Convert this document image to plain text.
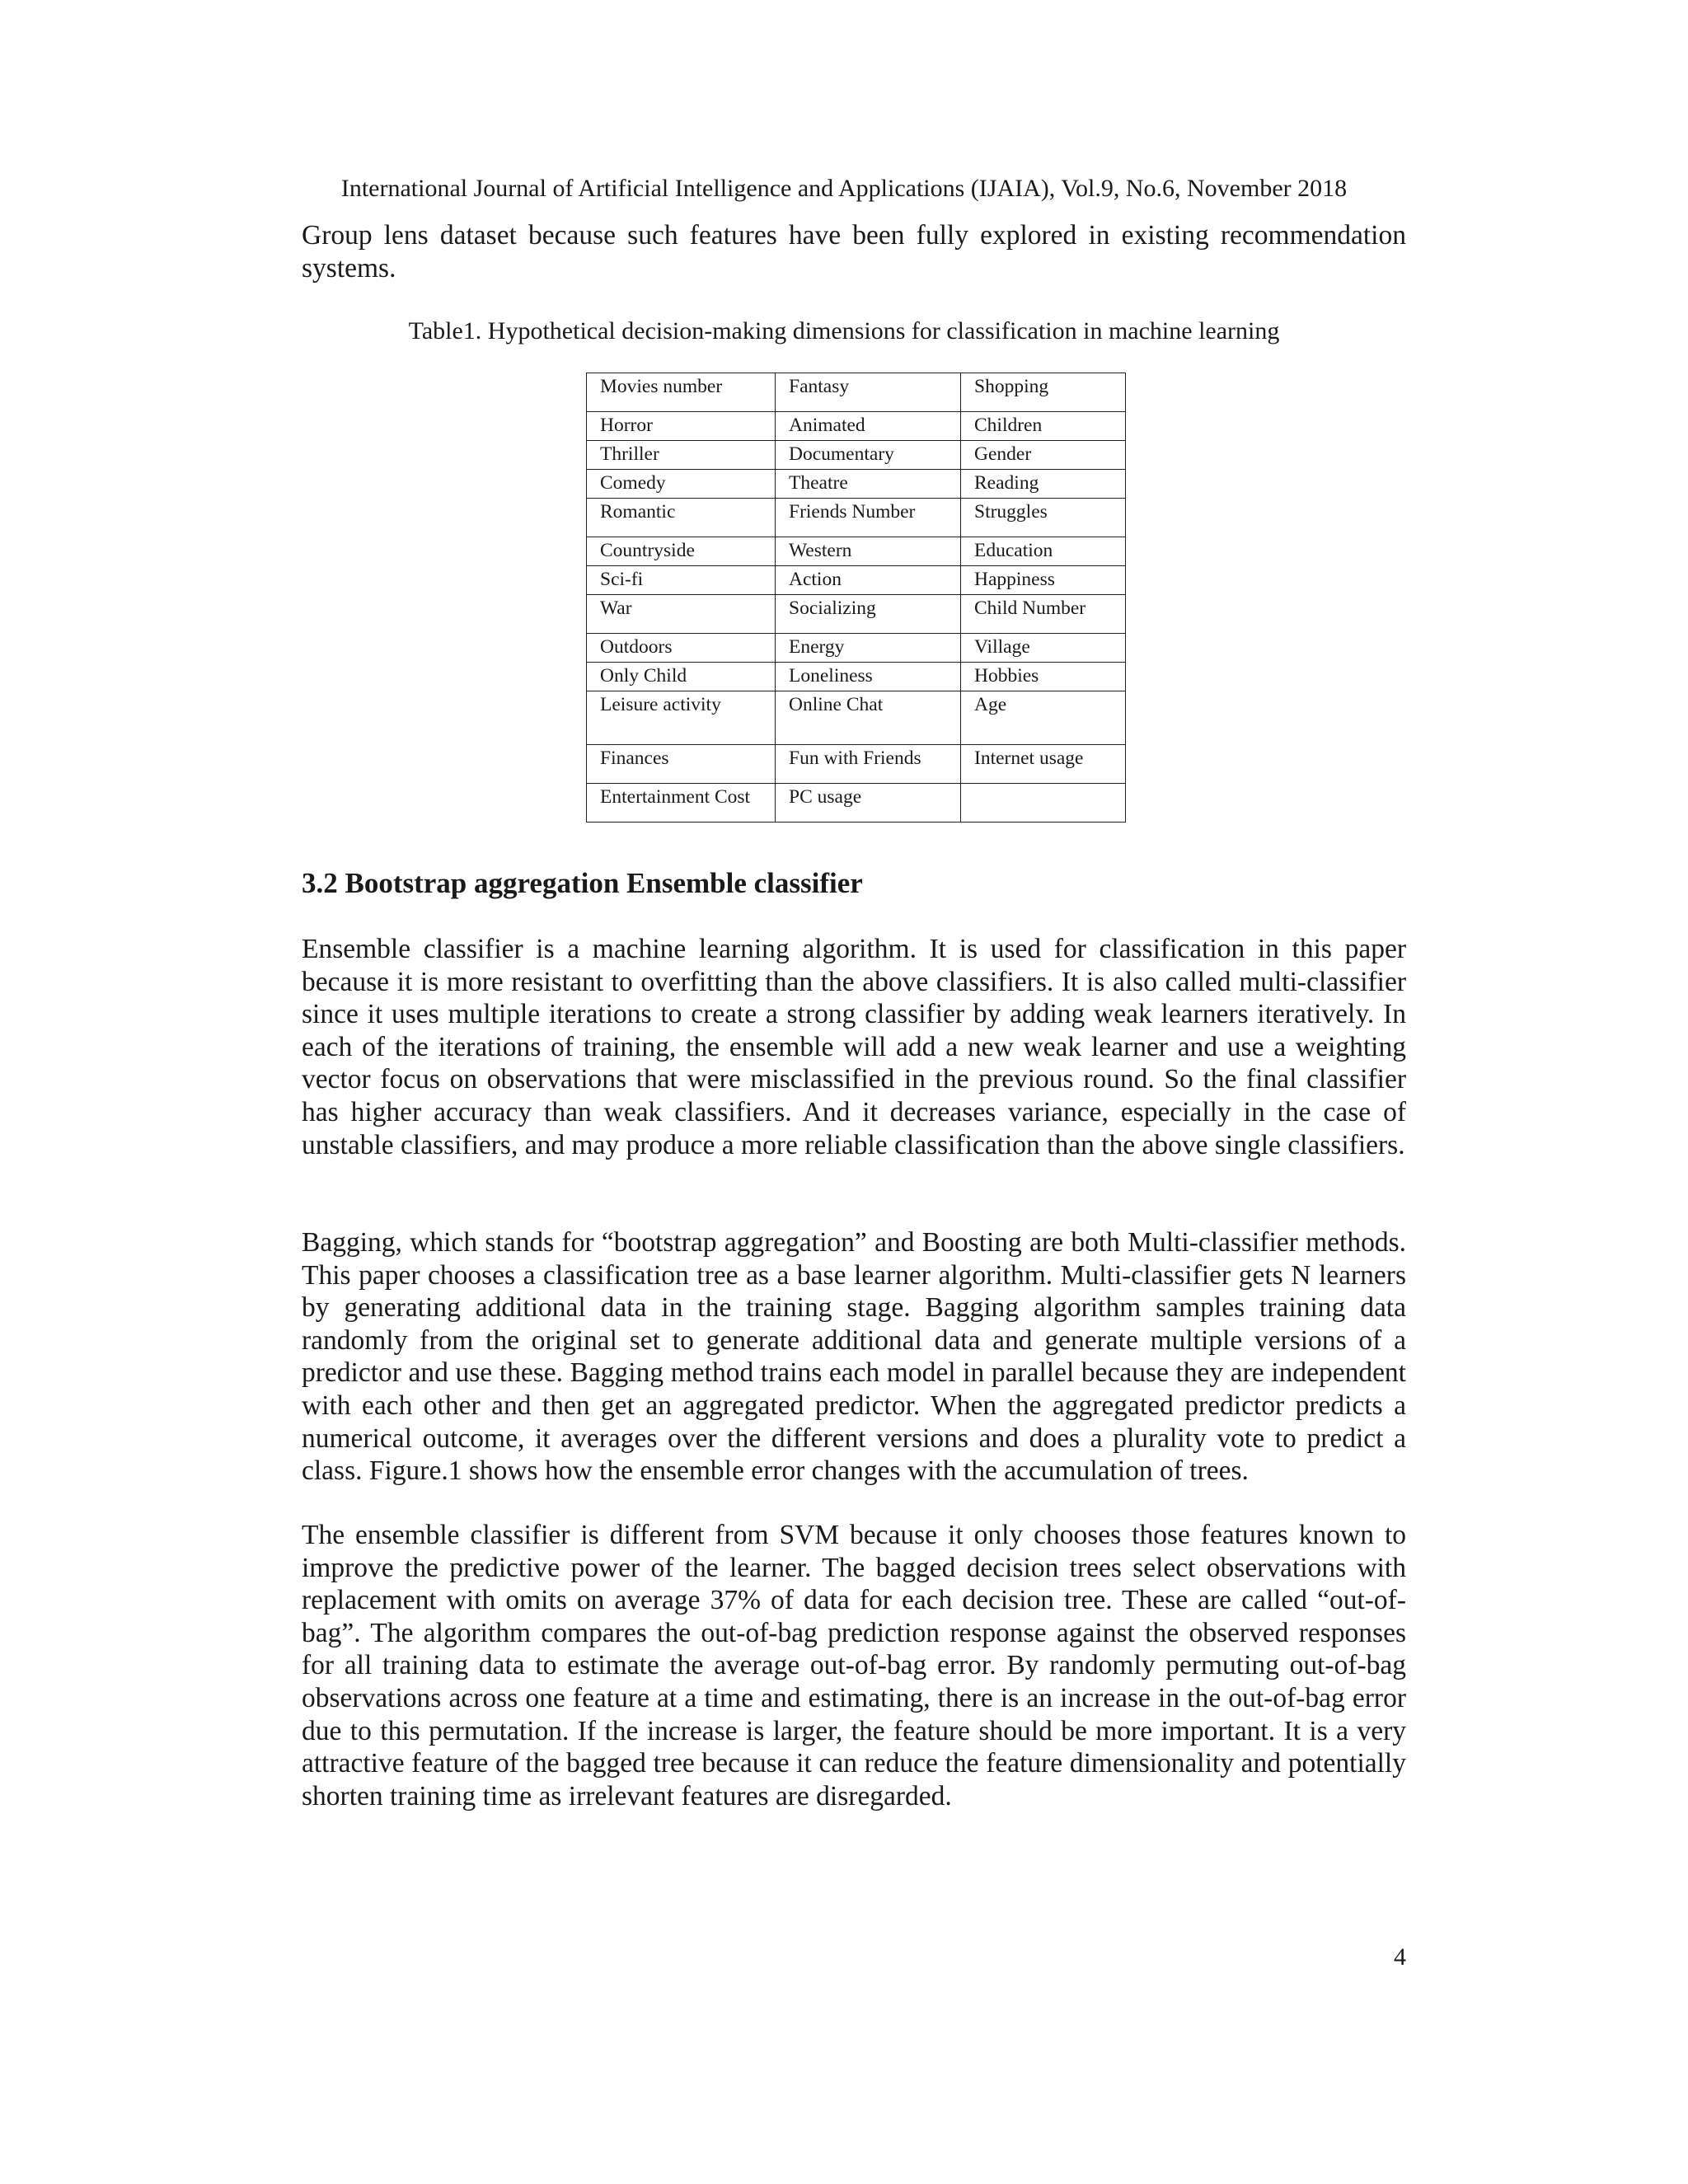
International Journal of Artificial Intelligence and Applications (IJAIA), Vol.9, No.6, November 2018
Group lens dataset because such features have been fully explored in existing recommendation systems.
Table1. Hypothetical decision-making dimensions for classification in machine learning
Movies number	Fantasy	Shopping
Horror	Animated	Children
Thriller	Documentary	Gender
Comedy	Theatre	Reading
Romantic	Friends Number	Struggles
Countryside	Western	Education
Sci-fi	Action	Happiness
War	Socializing	Child Number
Outdoors	Energy	Village
Only Child	Loneliness	Hobbies
Leisure activity	Online Chat	Age
Finances	Fun with Friends	Internet usage
Entertainment Cost	PC usage	
3.2 Bootstrap aggregation Ensemble classifier
Ensemble classifier is a machine learning algorithm. It is used for classification in this paper because it is more resistant to overfitting than the above classifiers. It is also called multi-classifier since it uses multiple iterations to create a strong classifier by adding weak learners iteratively. In each of the iterations of training, the ensemble will add a new weak learner and use a weighting vector focus on observations that were misclassified in the previous round. So the final classifier has higher accuracy than weak classifiers. And it decreases variance, especially in the case of unstable classifiers, and may produce a more reliable classification than the above single classifiers.
Bagging, which stands for “bootstrap aggregation” and Boosting are both Multi-classifier methods. This paper chooses a classification tree as a base learner algorithm. Multi-classifier gets N learners by generating additional data in the training stage. Bagging algorithm samples training data randomly from the original set to generate additional data and generate multiple versions of a predictor and use these. Bagging method trains each model in parallel because they are independent with each other and then get an aggregated predictor. When the aggregated predictor predicts a numerical outcome, it averages over the different versions and does a plurality vote to predict a class. Figure.1 shows how the ensemble error changes with the accumulation of trees.
The ensemble classifier is different from SVM because it only chooses those features known to improve the predictive power of the learner. The bagged decision trees select observations with replacement with omits on average 37% of data for each decision tree. These are called “out-of-bag”. The algorithm compares the out-of-bag prediction response against the observed responses for all training data to estimate the average out-of-bag error. By randomly permuting out-of-bag observations across one feature at a time and estimating, there is an increase in the out-of-bag error due to this permutation. If the increase is larger, the feature should be more important. It is a very attractive feature of the bagged tree because it can reduce the feature dimensionality and potentially shorten training time as irrelevant features are disregarded.
4
